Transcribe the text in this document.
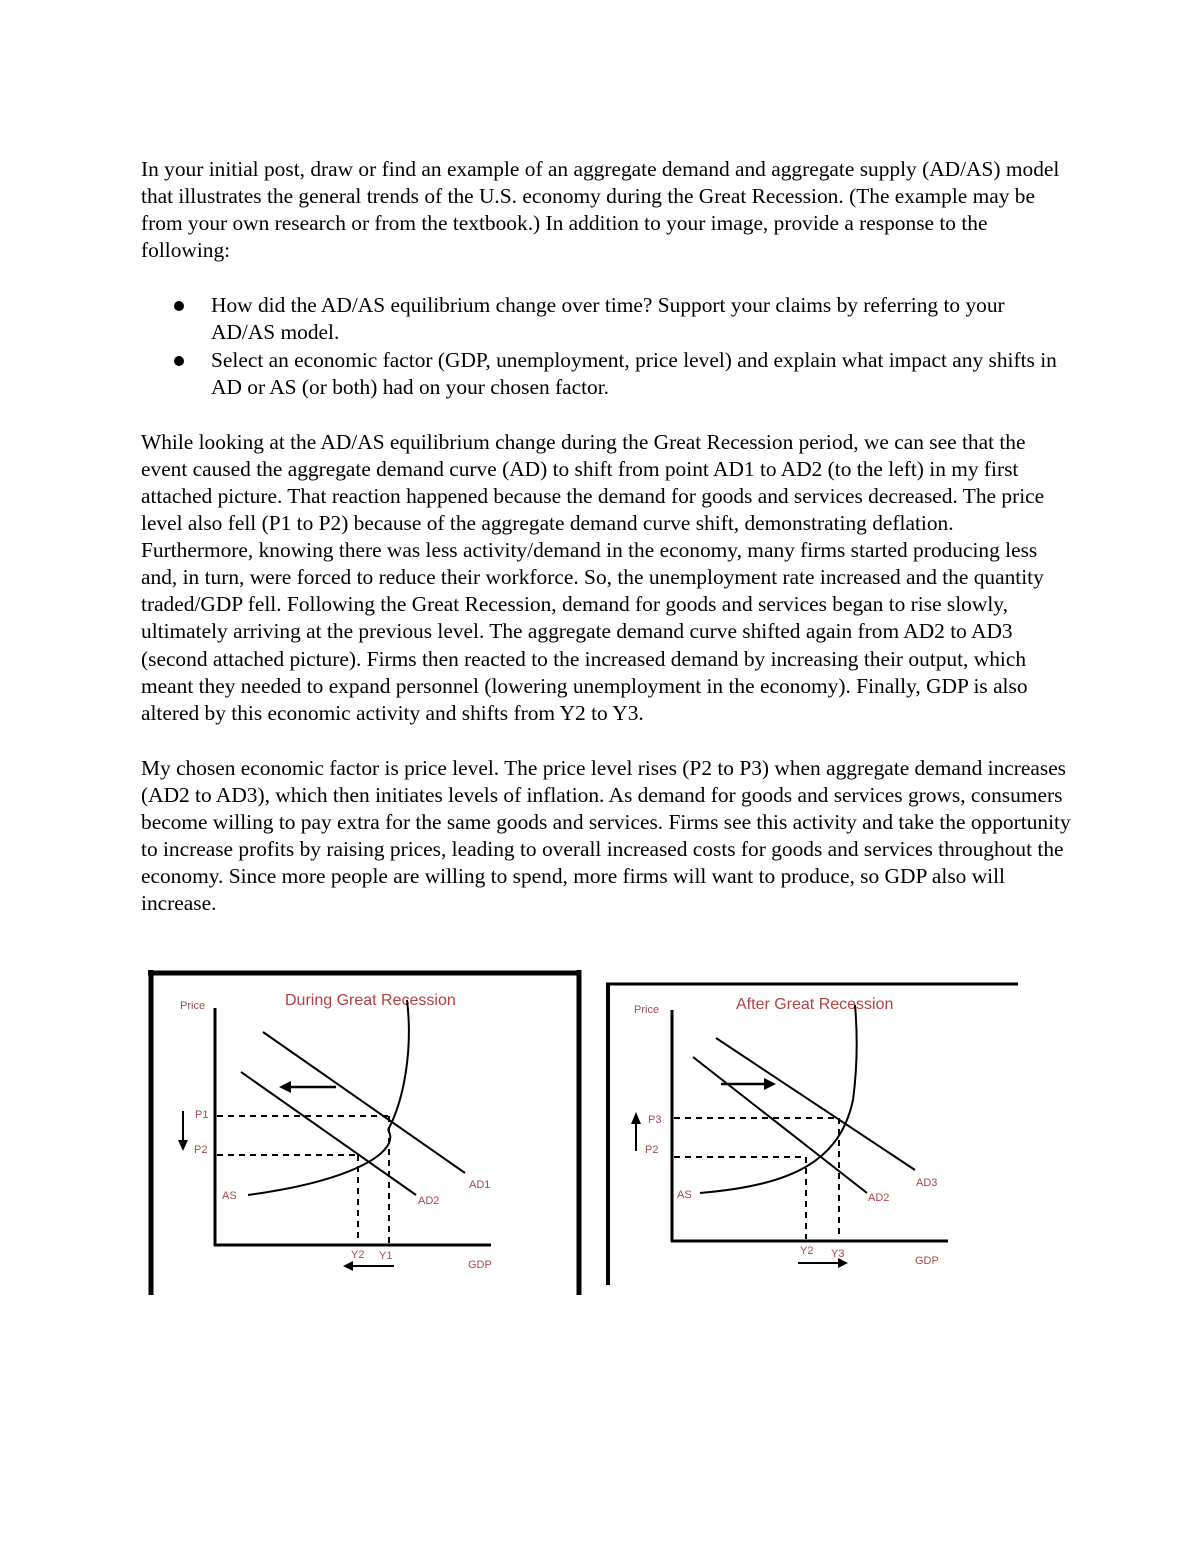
In your initial post, draw or find an example of an aggregate demand and aggregate supply (AD/AS) model that illustrates the general trends of the U.S. economy during the Great Recession. (The example may be from your own research or from the textbook.) In addition to your image, provide a response to the following:

How did the AD/AS equilibrium change over time? Support your claims by referring to your AD/AS model.
Select an economic factor (GDP, unemployment, price level) and explain what impact any shifts in AD or AS (or both) had on your chosen factor.

While looking at the AD/AS equilibrium change during the Great Recession period, we can see that the event caused the aggregate demand curve (AD) to shift from point AD1 to AD2 (to the left) in my first attached picture. That reaction happened because the demand for goods and services decreased. The price level also fell (P1 to P2) because of the aggregate demand curve shift, demonstrating deflation. Furthermore, knowing there was less activity/demand in the economy, many firms started producing less and, in turn, were forced to reduce their workforce. So, the unemployment rate increased and the quantity traded/GDP fell. Following the Great Recession, demand for goods and services began to rise slowly, ultimately arriving at the previous level. The aggregate demand curve shifted again from AD2 to AD3 (second attached picture). Firms then reacted to the increased demand by increasing their output, which meant they needed to expand personnel (lowering unemployment in the economy). Finally, GDP is also altered by this economic activity and shifts from Y2 to Y3.

My chosen economic factor is price level. The price level rises (P2 to P3) when aggregate demand increases (AD2 to AD3), which then initiates levels of inflation. As demand for goods and services grows, consumers become willing to pay extra for the same goods and services. Firms see this activity and take the opportunity to increase profits by raising prices, leading to overall increased costs for goods and services throughout the economy. Since more people are willing to spend, more firms will want to produce, so GDP also will increase.

During Great Recession
Price
GDP
P1
P2
AS
AD1
AD2
Y2 Y1
After Great Recession
Price
GDP
P3
P2
AS
AD3
AD2
Y2 Y3
